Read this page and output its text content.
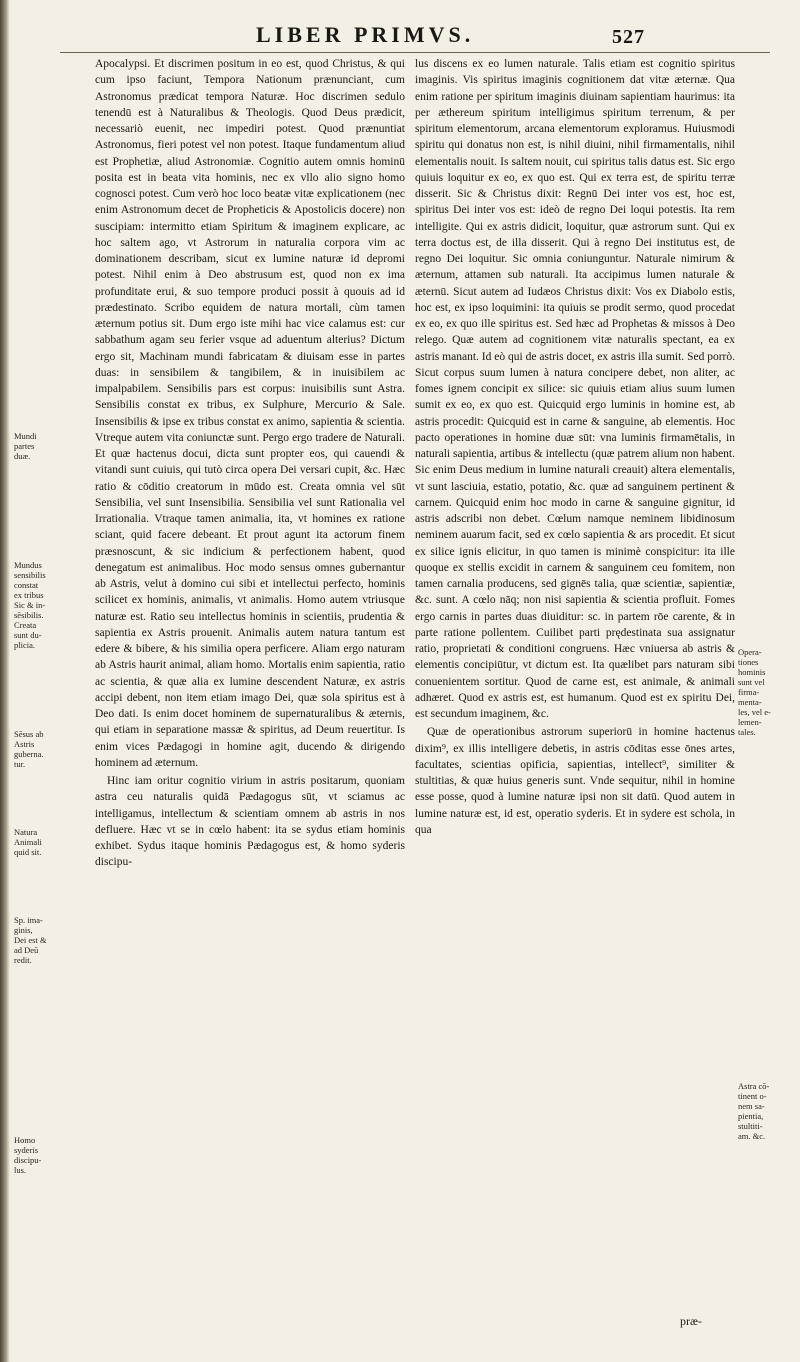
LIBER PRIMVS.	527
Mundi
partes
duæ.
Mundus
sensibilis
constat
ex tribus
Sic & in-
sēsibilis.
Creata
sunt du-
plicia.
Sēsus ab
Astris
guberna.
tur.
Natura
Animali
quid sit.
Sp. ima-
ginis,
Dei est &
ad Deū
redit.
Homo
syderis
discipu-
lus.
Opera-
tiones
hominis
sunt vel
firma-
menta-
les, vel e-
lemen-
tales.
Astra cō-
tinent o-
nem sa-
pientia,
stultiti-
am. &c.

Apocalypsi. Et discrimen positum in eo est, quod Christus, & qui cum ipso faciunt, Tempora Nationum prænunciant, cum Astronomus prædicat tempora Naturæ. Hoc discrimen sedulo tenendū est à Naturalibus & Theologis. Quod Deus prædicit, necessariò euenit, nec impediri potest. Quod prænuntiat Astronomus, fieri potest vel non potest. Itaque fundamentum aliud est Prophetiæ, aliud Astronomiæ. Cognitio autem omnis hominū posita est in beata vita hominis, nec ex vllo alio signo homo cognosci potest. Cum verò hoc loco beatæ vitæ explicationem (nec enim Astronomum decet de Propheticis & Apostolicis docere) non suscipiam: intermitto etiam Spiritum & imaginem explicare, ac hoc saltem ago, vt Astrorum in naturalia corpora vim ac dominationem describam, sicut ex lumine naturæ id depromi potest. Nihil enim à Deo abstrusum est, quod non ex ima profunditate erui, & suo tempore produci possit à quouis ad id prædestinato. Scribo equidem de natura mortali, cùm tamen æternum potius sit. Dum ergo iste mihi hac vice calamus est: cur sabbathum agam seu ferier vsque ad aduentum alterius? Dictum ergo sit, Machinam mundi fabricatam & diuisam esse in partes duas: in sensibilem & tangibilem, & in inuisibilem ac impalpabilem. Sensibilis pars est corpus: inuisibilis sunt Astra. Sensibilis constat ex tribus, ex Sulphure, Mercurio & Sale. Insensibilis & ipse ex tribus constat ex animo, sapientia & scientia. Vtreque autem vita coniunctæ sunt. Pergo ergo tradere de Naturali. Et quæ hactenus docui, dicta sunt propter eos, qui cauendi & vitandi sunt cuiuis, qui tutò circa opera Dei versari cupit, &c. Hæc ratio & cōditio creatorum in mūdo est. Creata omnia vel sūt Sensibilia, vel sunt Insensibilia. Sensibilia vel sunt Rationalia vel Irrationalia. Vtraque tamen animalia, ita, vt homines ex ratione sciant, quid facere debeant. Et prout agunt ita actorum finem præsnoscunt, & sic indicium & perfectionem habent, quod denegatum est animalibus. Hoc modo sensus omnes gubernantur ab Astris, velut à domino cui sibi et intellectui perfecto, hominis scilicet ex hominis, animalis, vt animalis. Homo autem vtriusque naturæ est. Ratio seu intellectus hominis in scientiis, prudentia & sapientia ex Astris prouenit. Animalis autem natura tantum est edere & bibere, & his similia opera perficere. Aliam ergo naturam ab Astris haurit animal, aliam homo. Mortalis enim sapientia, ratio ac scientia, & quæ alia ex lumine descendent Naturæ, ex astris accipi debent, non item etiam imago Dei, quæ sola spiritus est à Deo dati. Is enim docet hominem de supernaturalibus & æternis, qui etiam in separatione massæ & spiritus, ad Deum reuertitur. Is enim vices Pædagogi in homine agit, ducendo & dirigendo hominem ad æternum.

Hinc iam oritur cognitio virium in astris positarum, quoniam astra ceu naturalis quidā Pædagogus sūt, vt sciamus ac intelligamus, intellectum & scientiam omnem ab astris in nos defluere. Hæc vt se in cœlo habent: ita se sydus etiam hominis exhibet. Sydus itaque hominis Pædagogus est, & homo syderis discipu-

lus discens ex eo lumen naturale. Talis etiam est cognitio spiritus imaginis. Vis spiritus imaginis cognitionem dat vitæ æternæ. Qua enim ratione per spiritum imaginis diuinam sapientiam haurimus: ita per æthereum spiritum intelligimus spiritum terrenum, & per spiritum elementorum, arcana elementorum exploramus. Huiusmodi spiritu qui donatus non est, is nihil diuini, nihil firmamentalis, nihil elementalis nouit. Is saltem nouit, cui spiritus talis datus est. Sic ergo quiuis loquitur ex eo, ex quo est. Qui ex terra est, de spiritu terræ disserit. Sic & Christus dixit: Regnū Dei inter vos est, hoc est, spiritus Dei inter vos est: ideò de regno Dei loqui potestis. Ita rem intelligite. Qui ex astris didicit, loquitur, quæ astrorum sunt. Qui ex terra doctus est, de illa disserit. Qui à regno Dei institutus est, de regno Dei loquitur. Sic omnia coniunguntur. Naturale nimirum & æternum, attamen sub naturali. Ita accipimus lumen naturale & æternū. Sicut autem ad Iudæos Christus dixit: Vos ex Diabolo estis, hoc est, ex ipso loquimini: ita quiuis se prodit sermo, quod procedat ex eo, ex quo ille spiritus est. Sed hæc ad Prophetas & missos à Deo relego. Quæ autem ad cognitionem vitæ naturalis spectant, ea ex astris manant. Id eò qui de astris docet, ex astris illa sumit. Sed porrò. Sicut corpus suum lumen à natura concipere debet, non aliter, ac fomes ignem concipit ex silice: sic quiuis etiam alius suum lumen sumit ex eo, ex quo est. Quicquid ergo luminis in homine est, ab astris procedit: Quicquid est in carne & sanguine, ab elementis. Hoc pacto operationes in homine duæ sūt: vna luminis firmamētalis, in naturali sapientia, artibus & intellectu (quæ patrem alium non habent. Sic enim Deus medium in lumine naturali creauit) altera elementalis, vt sunt lasciuia, estatio, potatio, &c. quæ ad sanguinem pertinent & carnem. Quicquid enim hoc modo in carne & sanguine gignitur, id astris adscribi non debet. Cœlum namque neminem libidinosum neminem auarum facit, sed ex cœlo sapientia & ars procedit. Et sicut ex silice ignis elicitur, in quo tamen is minimè conspicitur: ita ille quoque ex stellis excidit in carnem & sanguinem ceu fomitem, non tamen carnalia producens, sed gignēs talia, quæ scientiæ, sapientiæ, &c. sunt. A cœlo nāq; non nisi sapientia & scientia profluit. Fomes ergo carnis in partes duas diuiditur: sc. in partem rōe carente, & in parte ratione pollentem. Cuilibet parti prędestinata sua assignatur ratio, proprietati & conditioni congruens. Hæc vniuersa ab astris & elementis concipiūtur, vt dictum est. Ita quælibet pars naturam sibi conuenientem sortitur. Quod de carne est, est animale, & animali adhæret. Quod ex astris est, est humanum. Quod est ex spiritu Dei, est secundum imaginem, &c.

Quæ de operationibus astrorum superiorū in homine hactenus dixim⁹, ex illis intelligere debetis, in astris cōditas esse ōnes artes, facultates, scientias opificia, sapientias, intellect⁹, similiter & stultitias, & quæ huius generis sunt. Vnde sequitur, nihil in homine esse posse, quod à lumine naturæ ipsi non sit datū. Quod autem in lumine naturæ est, id est, operatio syderis. Et in sydere est schola, in qua

præ-
